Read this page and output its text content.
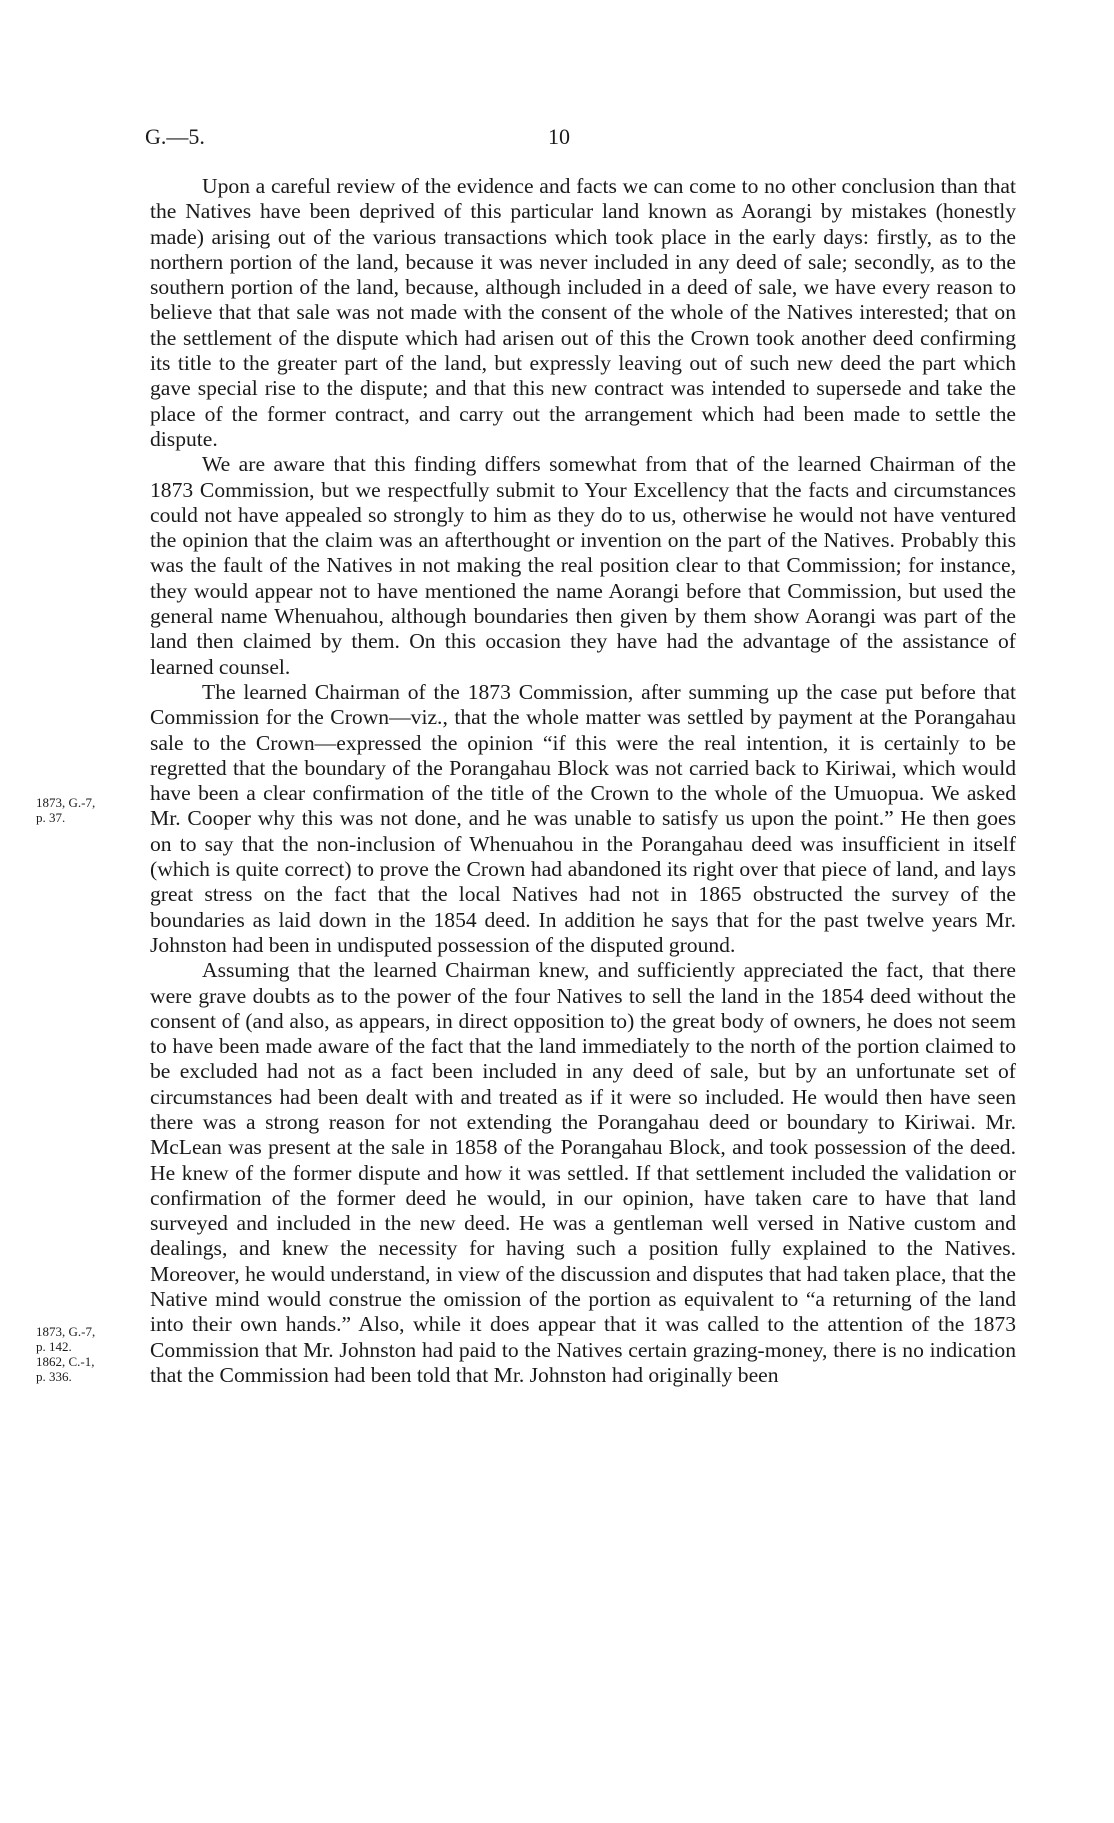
G.—5.	10
1873, G.-7,
p. 37.
1873, G.-7,
p. 142.
1862, C.-1,
p. 336.

Upon a careful review of the evidence and facts we can come to no other conclusion than that the Natives have been deprived of this particular land known as Aorangi by mistakes (honestly made) arising out of the various transactions which took place in the early days: firstly, as to the northern portion of the land, because it was never included in any deed of sale; secondly, as to the southern portion of the land, because, although included in a deed of sale, we have every reason to believe that that sale was not made with the consent of the whole of the Natives interested; that on the settlement of the dispute which had arisen out of this the Crown took another deed confirming its title to the greater part of the land, but expressly leaving out of such new deed the part which gave special rise to the dispute; and that this new contract was intended to supersede and take the place of the former contract, and carry out the arrangement which had been made to settle the dispute.

We are aware that this finding differs somewhat from that of the learned Chairman of the 1873 Commission, but we respectfully submit to Your Excellency that the facts and circumstances could not have appealed so strongly to him as they do to us, otherwise he would not have ventured the opinion that the claim was an afterthought or invention on the part of the Natives. Probably this was the fault of the Natives in not making the real position clear to that Commission; for instance, they would appear not to have mentioned the name Aorangi before that Commission, but used the general name Whenuahou, although boundaries then given by them show Aorangi was part of the land then claimed by them. On this occasion they have had the advantage of the assistance of learned counsel.

The learned Chairman of the 1873 Commission, after summing up the case put before that Commission for the Crown—viz., that the whole matter was settled by payment at the Porangahau sale to the Crown—expressed the opinion “if this were the real intention, it is certainly to be regretted that the boundary of the Porangahau Block was not carried back to Kiriwai, which would have been a clear confirmation of the title of the Crown to the whole of the Umuopua. We asked Mr. Cooper why this was not done, and he was unable to satisfy us upon the point.” He then goes on to say that the non-inclusion of Whenuahou in the Porangahau deed was insufficient in itself (which is quite correct) to prove the Crown had abandoned its right over that piece of land, and lays great stress on the fact that the local Natives had not in 1865 obstructed the survey of the boundaries as laid down in the 1854 deed. In addition he says that for the past twelve years Mr. Johnston had been in undisputed possession of the disputed ground.

Assuming that the learned Chairman knew, and sufficiently appreciated the fact, that there were grave doubts as to the power of the four Natives to sell the land in the 1854 deed without the consent of (and also, as appears, in direct opposition to) the great body of owners, he does not seem to have been made aware of the fact that the land immediately to the north of the portion claimed to be excluded had not as a fact been included in any deed of sale, but by an unfortunate set of circumstances had been dealt with and treated as if it were so included. He would then have seen there was a strong reason for not extending the Porangahau deed or boundary to Kiriwai. Mr. McLean was present at the sale in 1858 of the Porangahau Block, and took possession of the deed. He knew of the former dispute and how it was settled. If that settlement included the validation or confirmation of the former deed he would, in our opinion, have taken care to have that land surveyed and included in the new deed. He was a gentleman well versed in Native custom and dealings, and knew the necessity for having such a position fully explained to the Natives. Moreover, he would understand, in view of the discussion and disputes that had taken place, that the Native mind would construe the omission of the portion as equivalent to “a returning of the land into their own hands.” Also, while it does appear that it was called to the attention of the 1873 Commission that Mr. Johnston had paid to the Natives certain grazing-money, there is no indication that the Commission had been told that Mr. Johnston had originally been
